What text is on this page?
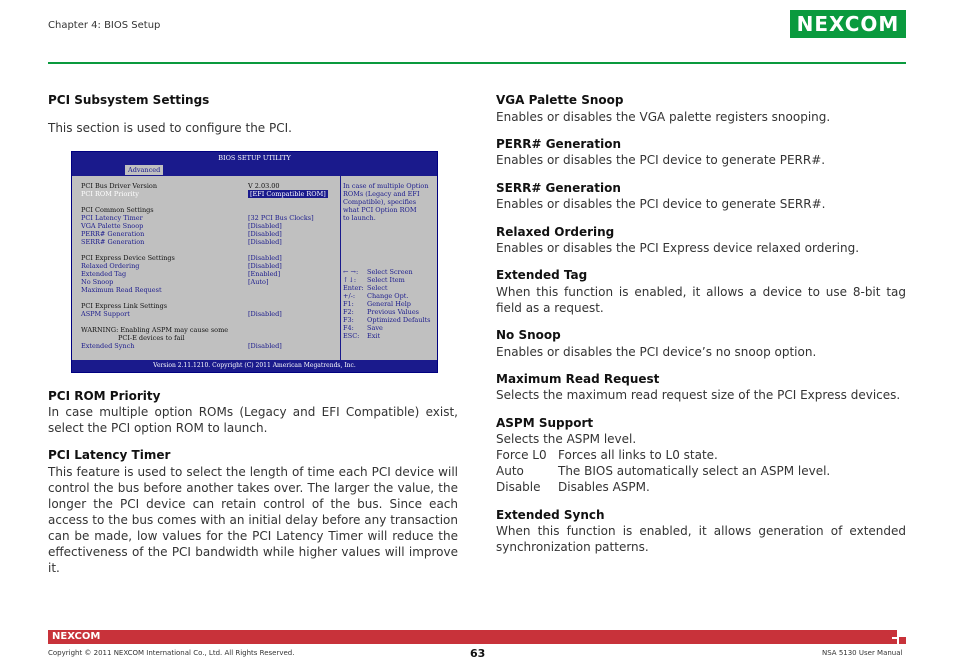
Chapter 4: BIOS Setup	NEXCOM
PCI Subsystem Settings
This section is used to configure the PCI.
BIOS SETUP UTILITY
Advanced
PCI Bus Driver Version	V 2.03.00
PCI ROM Priority	[EFI Compatible ROM]
PCI Common Settings
PCI Latency Timer	[32 PCI Bus Clocks]
VGA Palette Snoop	[Disabled]
PERR# Generation	[Disabled]
SERR# Generation	[Disabled]
PCI Express Device Settings	[Disabled]
Relaxed Ordering	[Disabled]
Extended Tag	[Enabled]
No Snoop	[Auto]
Maximum Read Request
PCI Express Link Settings
ASPM Support	[Disabled]
WARNING: Enabling ASPM may cause some
PCI-E devices to fail
Extended Synch	[Disabled]
In case of multiple Option
ROMs (Legacy and EFI
Compatible), specifies
what PCI Option ROM
to launch.
← →: Select Screen
↑↓: Select Item
Enter: Select
+/-: Change Opt.
F1: General Help
F2: Previous Values
F3: Optimized Defaults
F4: Save
ESC: Exit
Version 2.11.1210. Copyright (C) 2011 American Megatrends, Inc.
PCI ROM Priority
In case multiple option ROMs (Legacy and EFI Compatible) exist, select the PCI option ROM to launch.
PCI Latency Timer
This feature is used to select the length of time each PCI device will control the bus before another takes over. The larger the value, the longer the PCI device can retain control of the bus. Since each access to the bus comes with an initial delay before any transaction can be made, low values for the PCI Latency Timer will reduce the effectiveness of the PCI bandwidth while higher values will improve it.
VGA Palette Snoop
Enables or disables the VGA palette registers snooping.
PERR# Generation
Enables or disables the PCI device to generate PERR#.
SERR# Generation
Enables or disables the PCI device to generate SERR#.
Relaxed Ordering
Enables or disables the PCI Express device relaxed ordering.
Extended Tag
When this function is enabled, it allows a device to use 8-bit tag field as a request.
No Snoop
Enables or disables the PCI device’s no snoop option.
Maximum Read Request
Selects the maximum read request size of the PCI Express devices.
ASPM Support
Selects the ASPM level.
Force L0 Forces all links to L0 state.
Auto	The BIOS automatically select an ASPM level.
Disable Disables ASPM.
Extended Synch
When this function is enabled, it allows generation of extended synchronization patterns.
NEXCOM
Copyright © 2011 NEXCOM International Co., Ltd. All Rights Reserved.	63	NSA 5130 User Manual
